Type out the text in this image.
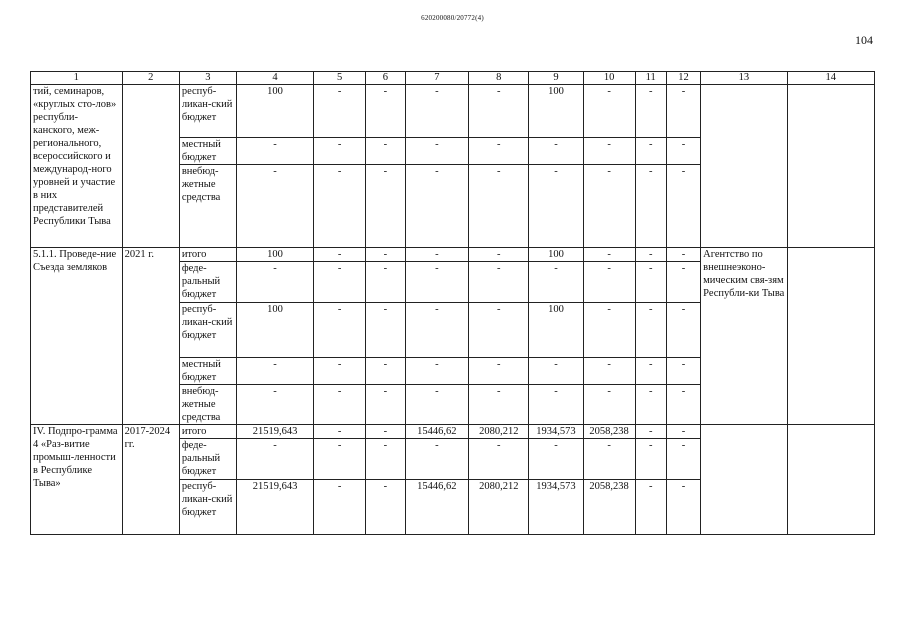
620200080/20772(4)
104
1	2	3	4	5	6	7	8	9	10	11	12	13	14
тий, семинаров, «круглых сто-лов» республи-канского, меж-регионального, всероссийского и международ-ного уровней и участие в них представителей Республики Тыва		респуб-ликан-ский бюджет	100	-	-	-	-	100	-	-	-		
		местный бюджет	-	-	-	-	-	-	-	-	-		
		внебюд-жетные средства	-	-	-	-	-	-	-	-	-		
5.1.1. Проведе-ние Съезда земляков	2021 г.	итого	100	-	-	-	-	100	-	-	-	Агентство по внешнеэконо-мическим свя-зям Республи-ки Тыва	
		феде-ральный бюджет	-	-	-	-	-	-	-	-	-		
		респуб-ликан-ский бюджет	100	-	-	-	-	100	-	-	-		
		местный бюджет	-	-	-	-	-	-	-	-	-		
		внебюд-жетные средства	-	-	-	-	-	-	-	-	-		
IV. Подпро-грамма 4 «Раз-витие промыш-ленности в Республике Тыва»	2017-2024 гг.	итого	21519,643	-	-	15446,62	2080,212	1934,573	2058,238	-	-		
		феде-ральный бюджет	-	-	-	-	-	-	-	-	-		
		респуб-ликан-ский бюджет	21519,643	-	-	15446,62	2080,212	1934,573	2058,238	-	-		
